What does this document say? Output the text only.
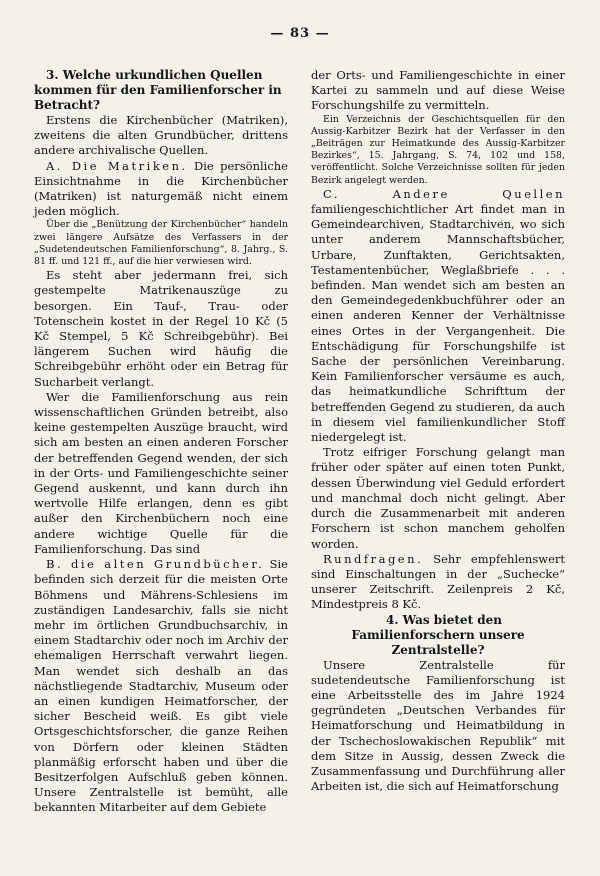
— 83 —

3. Welche urkundlichen Quellen kommen für den Familienforscher in Betracht?

Erstens die Kirchenbücher (Matriken), zweitens die alten Grundbücher, drittens andere archivalische Quellen.

A. Die Matriken. Die persönliche Einsichtnahme in die Kirchenbücher (Matriken) ist naturgemäß nicht einem jeden möglich.

Über die „Benützung der Kirchenbücher“ handeln zwei längere Aufsätze des Verfassers in der „Sudetendeutschen Familienforschung“, 8. Jahrg., S. 81 ff. und 121 ff., auf die hier verwiesen wird.

Es steht aber jedermann frei, sich gestempelte Matrikenauszüge zu besorgen. Ein Tauf-, Trau- oder Totenschein kostet in der Regel 10 Kč (5 Kč Stempel, 5 Kč Schreibgebühr). Bei längerem Suchen wird häufig die Schreibgebühr erhöht oder ein Betrag für Sucharbeit verlangt.

Wer die Familienforschung aus rein wissenschaftlichen Gründen betreibt, also keine gestempelten Auszüge braucht, wird sich am besten an einen anderen Forscher der betreffenden Gegend wenden, der sich in der Orts- und Familiengeschichte seiner Gegend auskennt, und kann durch ihn wertvolle Hilfe erlangen, denn es gibt außer den Kirchenbüchern noch eine andere wichtige Quelle für die Familienforschung. Das sind

B. die alten Grundbücher. Sie befinden sich derzeit für die meisten Orte Böhmens und Mährens-Schlesiens im zuständigen Landesarchiv, falls sie nicht mehr im örtlichen Grundbuchsarchiv, in einem Stadtarchiv oder noch im Archiv der ehemaligen Herrschaft verwahrt liegen. Man wendet sich deshalb an das nächstliegende Stadtarchiv, Museum oder an einen kundigen Heimatforscher, der sicher Bescheid weiß. Es gibt viele Ortsgeschichtsforscher, die ganze Reihen von Dörfern oder kleinen Städten planmäßig erforscht haben und über die Besitzerfolgen Aufschluß geben können. Unsere Zentralstelle ist bemüht, alle bekannten Mitarbeiter auf dem Gebiete

der Orts- und Familiengeschichte in einer Kartei zu sammeln und auf diese Weise Forschungshilfe zu vermitteln.

Ein Verzeichnis der Geschichtsquellen für den Aussig-Karbitzer Bezirk hat der Verfasser in den „Beiträgen zur Heimatkunde des Aussig-Karbitzer Bezirkes“, 15. Jahrgang, S. 74, 102 und 158, veröffentlicht. Solche Verzeichnisse sollten für jeden Bezirk angelegt werden.

C. Andere Quellen familiengeschichtlicher Art findet man in Gemeindearchiven, Stadtarchiven, wo sich unter anderem Mannschaftsbücher, Urbare, Zunftakten, Gerichtsakten, Testamentenbücher, Weglaßbriefe . . . befinden. Man wendet sich am besten an den Gemeindegedenkbuchführer oder an einen anderen Kenner der Verhältnisse eines Ortes in der Vergangenheit. Die Entschädigung für Forschungshilfe ist Sache der persönlichen Vereinbarung. Kein Familienforscher versäume es auch, das heimatkundliche Schrifttum der betreffenden Gegend zu studieren, da auch in diesem viel familienkundlicher Stoff niedergelegt ist.

Trotz eifriger Forschung gelangt man früher oder später auf einen toten Punkt, dessen Überwindung viel Geduld erfordert und manchmal doch nicht gelingt. Aber durch die Zusammenarbeit mit anderen Forschern ist schon manchem geholfen worden.

Rundfragen. Sehr empfehlenswert sind Einschaltungen in der „Suchecke“ unserer Zeitschrift. Zeilenpreis 2 Kč, Mindestpreis 8 Kč.

4. Was bietet den Familienforschern unsere Zentralstelle?

Unsere Zentralstelle für sudetendeutsche Familienforschung ist eine Arbeitsstelle des im Jahre 1924 gegründeten „Deutschen Verbandes für Heimatforschung und Heimatbildung in der Tschechoslowakischen Republik“ mit dem Sitze in Aussig, dessen Zweck die Zusammenfassung und Durchführung aller Arbeiten ist, die sich auf Heimatforschung
